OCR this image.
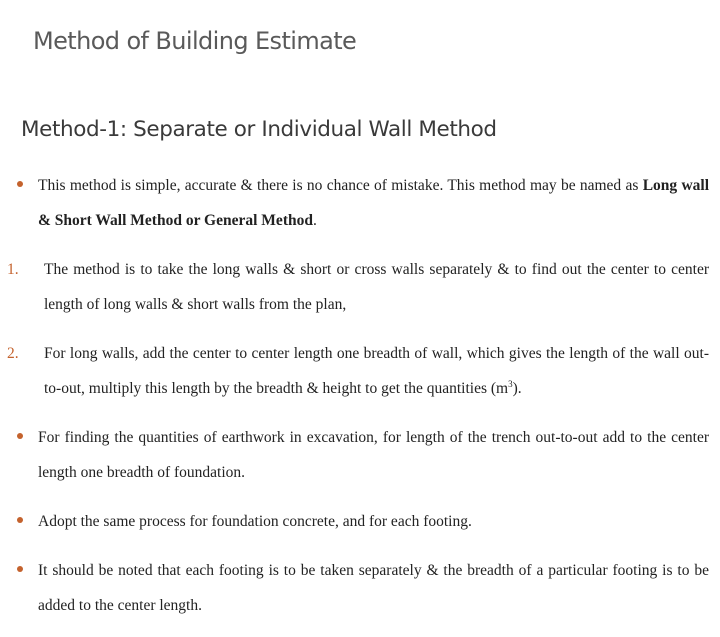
Method of Building Estimate
Method-1: Separate or Individual Wall Method
This method is simple, accurate & there is no chance of mistake. This method may be named as Long wall & Short Wall Method or General Method.
1. The method is to take the long walls & short or cross walls separately & to find out the center to center length of long walls & short walls from the plan,
2. For long walls, add the center to center length one breadth of wall, which gives the length of the wall out-to-out, multiply this length by the breadth & height to get the quantities $(m^3)$.
For finding the quantities of earthwork in excavation, for length of the trench out-to-out add to the center length one breadth of foundation.
Adopt the same process for foundation concrete, and for each footing.
It should be noted that each footing is to be taken separately & the breadth of a particular footing is to be added to the center length.
